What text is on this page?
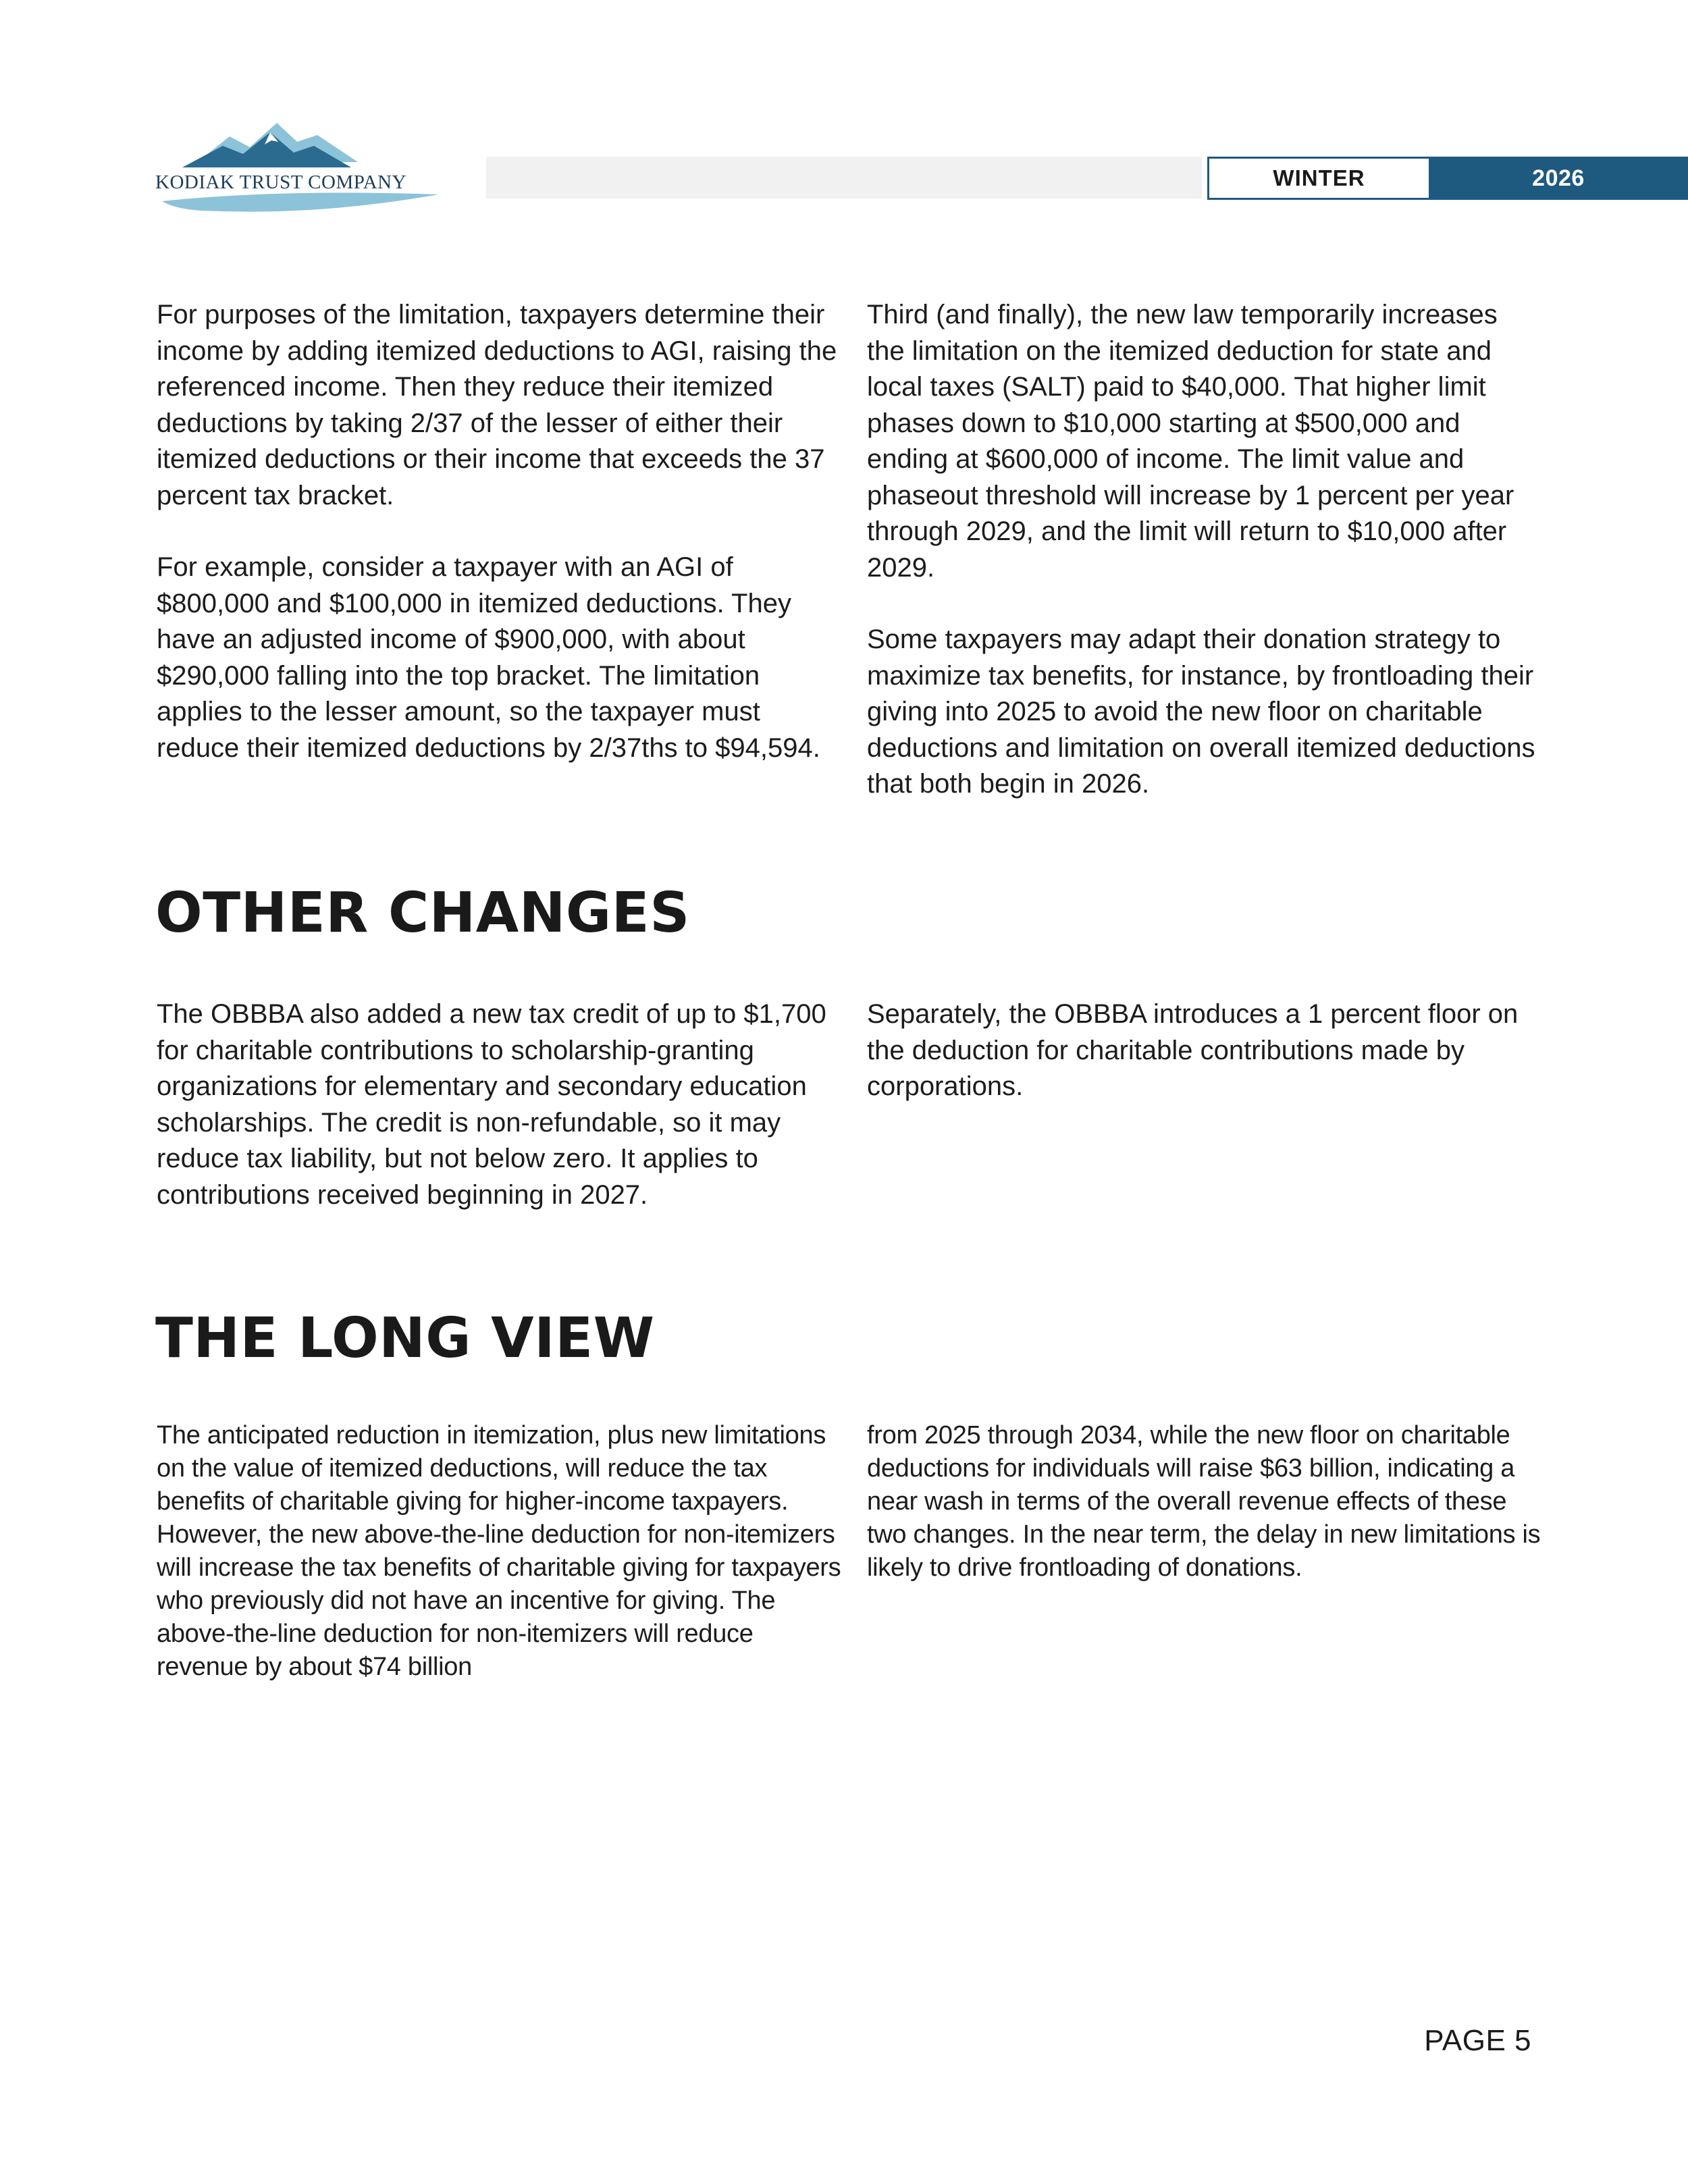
KODIAK TRUST COMPANY	WINTER	2026

For purposes of the limitation, taxpayers determine their income by adding itemized deductions to AGI, raising the referenced income. Then they reduce their itemized deductions by taking 2/37 of the lesser of either their itemized deductions or their income that exceeds the 37 percent tax bracket.

For example, consider a taxpayer with an AGI of $800,000 and $100,000 in itemized deductions. They have an adjusted income of $900,000, with about $290,000 falling into the top bracket. The limitation applies to the lesser amount, so the taxpayer must reduce their itemized deductions by 2/37ths to $94,594.

Third (and finally), the new law temporarily increases the limitation on the itemized deduction for state and local taxes (SALT) paid to $40,000. That higher limit phases down to $10,000 starting at $500,000 and ending at $600,000 of income. The limit value and phaseout threshold will increase by 1 percent per year through 2029, and the limit will return to $10,000 after 2029.

Some taxpayers may adapt their donation strategy to maximize tax benefits, for instance, by frontloading their giving into 2025 to avoid the new floor on charitable deductions and limitation on overall itemized deductions that both begin in 2026.

OTHER CHANGES

The OBBBA also added a new tax credit of up to $1,700 for charitable contributions to scholarship-granting organizations for elementary and secondary education scholarships. The credit is non-refundable, so it may reduce tax liability, but not below zero. It applies to contributions received beginning in 2027.

Separately, the OBBBA introduces a 1 percent floor on the deduction for charitable contributions made by corporations.

THE LONG VIEW

The anticipated reduction in itemization, plus new limitations on the value of itemized deductions, will reduce the tax benefits of charitable giving for higher-income taxpayers. However, the new above-the-line deduction for non-itemizers will increase the tax benefits of charitable giving for taxpayers who previously did not have an incentive for giving. The above-the-line deduction for non-itemizers will reduce revenue by about $74 billion

from 2025 through 2034, while the new floor on charitable deductions for individuals will raise $63 billion, indicating a near wash in terms of the overall revenue effects of these two changes. In the near term, the delay in new limitations is likely to drive frontloading of donations.

PAGE 5
